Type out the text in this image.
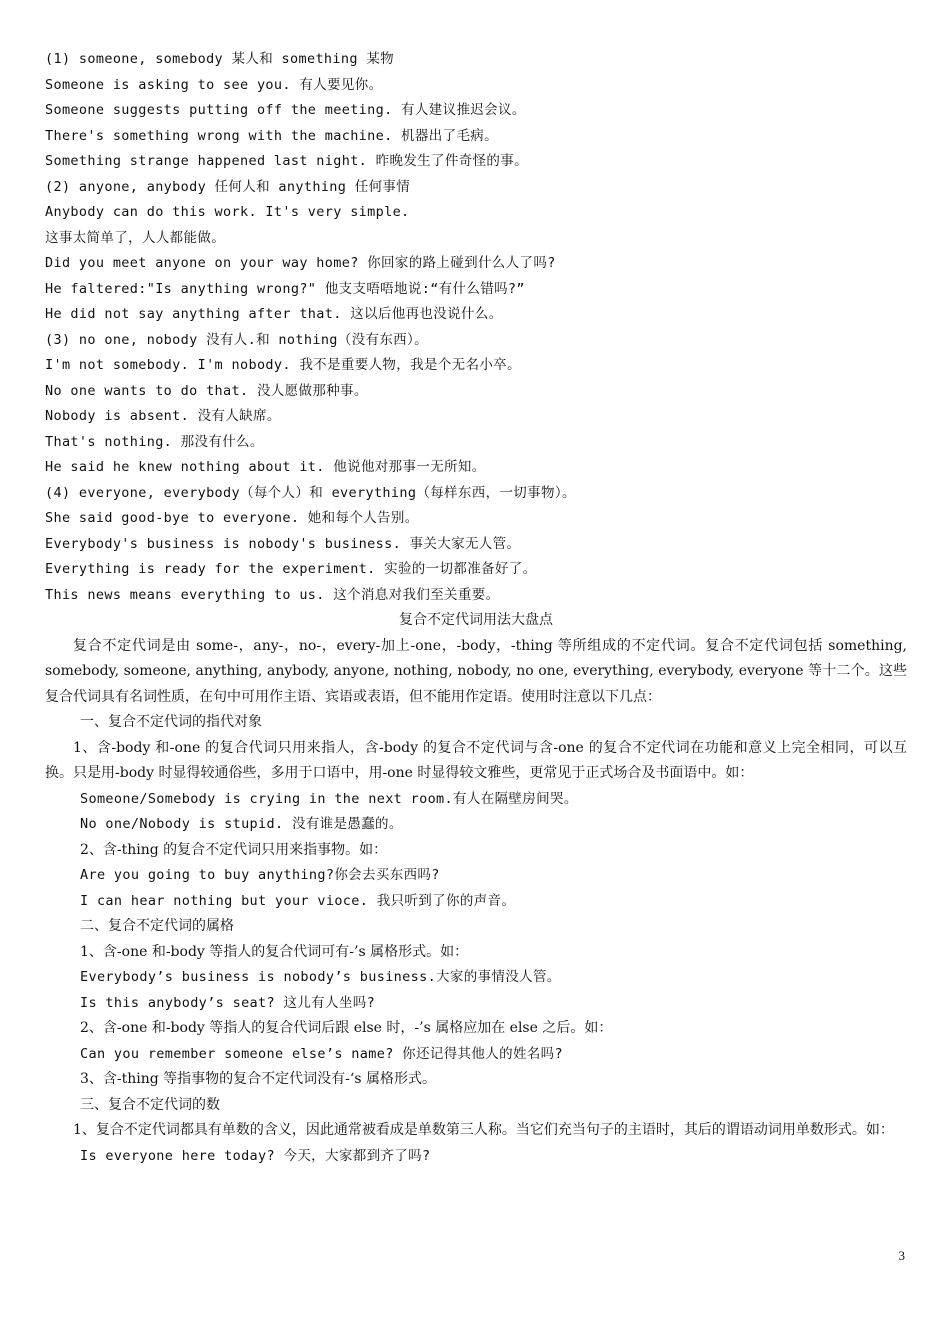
(1) someone, somebody 某人和 something 某物
Someone is asking to see you. 有人要见你。
Someone suggests putting off the meeting. 有人建议推迟会议。
There's something wrong with the machine. 机器出了毛病。
Something strange happened last night. 昨晚发生了件奇怪的事。
(2) anyone, anybody 任何人和 anything 任何事情
Anybody can do this work. It's very simple.
这事太简单了，人人都能做。
Did you meet anyone on your way home? 你回家的路上碰到什么人了吗?
He faltered:"Is anything wrong?" 他支支唔唔地说:“有什么错吗?”
He did not say anything after that. 这以后他再也没说什么。
(3) no one, nobody 没有人.和 nothing（没有东西）。
I'm not somebody. I'm nobody. 我不是重要人物，我是个无名小卒。
No one wants to do that. 没人愿做那种事。
Nobody is absent. 没有人缺席。
That's nothing. 那没有什么。
He said he knew nothing about it. 他说他对那事一无所知。
(4) everyone, everybody（每个人）和 everything（每样东西，一切事物）。
She said good-bye to everyone. 她和每个人告别。
Everybody's business is nobody's business. 事关大家无人管。
Everything is ready for the experiment. 实验的一切都准备好了。
This news means everything to us. 这个消息对我们至关重要。
复合不定代词用法大盘点
复合不定代词是由 some-，any-，no-，every-加上-one，-body，-thing 等所组成的不定代词。复合不定代词包括 something, somebody, someone, anything, anybody, anyone, nothing, nobody, no one, everything, everybody, everyone 等十二个。这些复合代词具有名词性质，在句中可用作主语、宾语或表语，但不能用作定语。使用时注意以下几点：
一、复合不定代词的指代对象
1、含-body 和-one 的复合代词只用来指人，含-body 的复合不定代词与含-one 的复合不定代词在功能和意义上完全相同，可以互换。只是用-body 时显得较通俗些，多用于口语中，用-one 时显得较文雅些，更常见于正式场合及书面语中。如：
Someone/Somebody is crying in the next room.有人在隔壁房间哭。
No one/Nobody is stupid. 没有谁是愚蠢的。
2、含-thing 的复合不定代词只用来指事物。如：
Are you going to buy anything?你会去买东西吗?
I can hear nothing but your vioce. 我只听到了你的声音。
二、复合不定代词的属格
1、含-one 和-body 等指人的复合代词可有-’s 属格形式。如：
Everybody’s business is nobody’s business.大家的事情没人管。
Is this anybody’s seat? 这儿有人坐吗?
2、含-one 和-body 等指人的复合代词后跟 else 时，-’s 属格应加在 else 之后。如：
Can you remember someone else’s name? 你还记得其他人的姓名吗?
3、含-thing 等指事物的复合不定代词没有-‘s 属格形式。
三、复合不定代词的数
1、复合不定代词都具有单数的含义，因此通常被看成是单数第三人称。当它们充当句子的主语时，其后的谓语动词用单数形式。如：
Is everyone here today? 今天，大家都到齐了吗?
3
